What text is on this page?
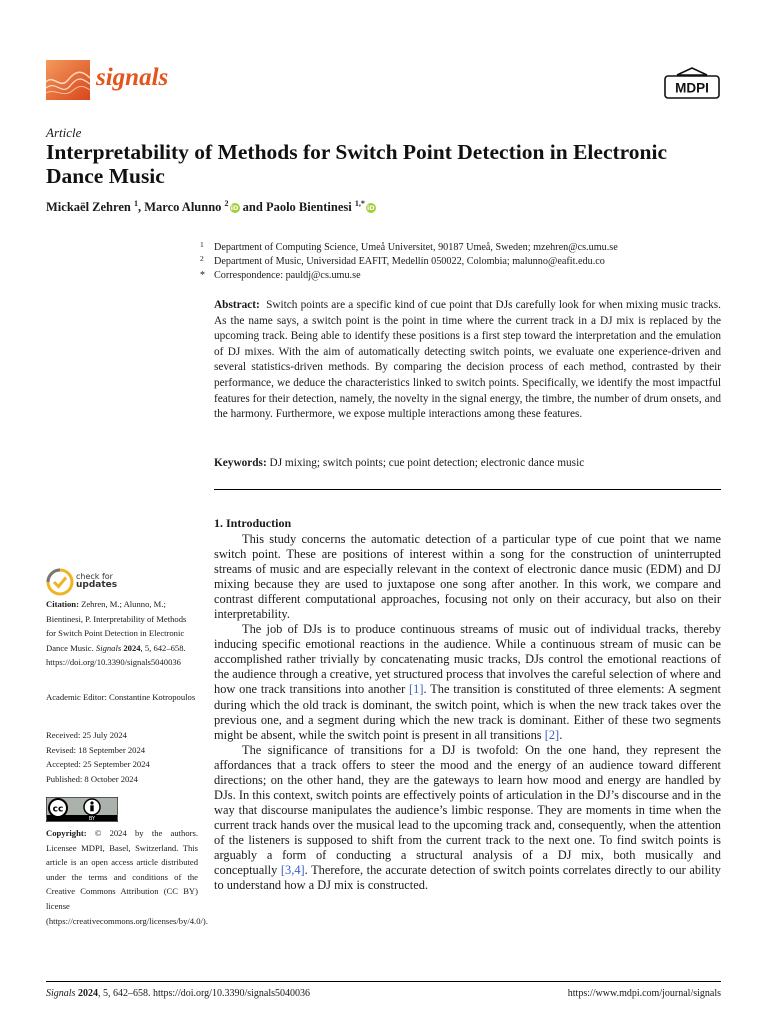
signals	MDPI
Article
Interpretability of Methods for Switch Point Detection in Electronic Dance Music
Mickaël Zehren $^1$, Marco Alunno $^2$ iD and Paolo Bientinesi $^{1,*}$ iD
1 Department of Computing Science, Umeå Universitet, 90187 Umeå, Sweden; mzehren@cs.umu.se
2 Department of Music, Universidad EAFIT, Medellín 050022, Colombia; malunno@eafit.edu.co
* Correspondence: pauldj@cs.umu.se
Abstract: Switch points are a specific kind of cue point that DJs carefully look for when mixing music tracks. As the name says, a switch point is the point in time where the current track in a DJ mix is replaced by the upcoming track. Being able to identify these positions is a first step toward the interpretation and the emulation of DJ mixes. With the aim of automatically detecting switch points, we evaluate one experience-driven and several statistics-driven methods. By comparing the decision process of each method, contrasted by their performance, we deduce the characteristics linked to switch points. Specifically, we identify the most impactful features for their detection, namely, the novelty in the signal energy, the timbre, the number of drum onsets, and the harmony. Furthermore, we expose multiple interactions among these features.
Keywords: DJ mixing; switch points; cue point detection; electronic dance music
1. Introduction

This study concerns the automatic detection of a particular type of cue point that we name switch point. These are positions of interest within a song for the construction of uninterrupted streams of music and are especially relevant in the context of electronic dance music (EDM) and DJ mixing because they are used to juxtapose one song after another. In this work, we compare and contrast different computational approaches, focusing not only on their accuracy, but also on their interpretability.

The job of DJs is to produce continuous streams of music out of individual tracks, thereby inducing specific emotional reactions in the audience. While a continuous stream of music can be accomplished rather trivially by concatenating music tracks, DJs control the emotional reactions of the audience through a creative, yet structured process that involves the careful selection of where and how one track transitions into another [1]. The transition is constituted of three elements: A segment during which the old track is dominant, the switch point, which is when the new track takes over the previous one, and a segment during which the new track is dominant. Either of these two segments might be absent, while the switch point is present in all transitions [2].

The significance of transitions for a DJ is twofold: On the one hand, they represent the affordances that a track offers to steer the mood and the energy of an audience toward different directions; on the other hand, they are the gateways to learn how mood and energy are handled by DJs. In this context, switch points are effectively points of articulation in the DJ’s discourse and in the way that discourse manipulates the audience’s limbic response. They are moments in time when the current track hands over the musical lead to the upcoming track and, consequently, when the attention of the listeners is supposed to shift from the current track to the next one. To find switch points is arguably a form of conducting a structural analysis of a DJ mix, both musically and conceptually [3,4]. Therefore, the accurate detection of switch points correlates directly to our ability to understand how a DJ mix is constructed.

check for
updates
Citation: Zehren, M.; Alunno, M.; Bientinesi, P. Interpretability of Methods for Switch Point Detection in Electronic Dance Music. Signals 2024, 5, 642–658. https://doi.org/10.3390/signals5040036
Academic Editor: Constantine Kotropoulos
Received: 25 July 2024
Revised: 18 September 2024
Accepted: 25 September 2024
Published: 8 October 2024
cc
BY
Copyright: © 2024 by the authors. Licensee MDPI, Basel, Switzerland. This article is an open access article distributed under the terms and conditions of the Creative Commons Attribution (CC BY) license (https://creativecommons.org/licenses/by/4.0/).
Signals 2024, 5, 642–658. https://doi.org/10.3390/signals5040036	https://www.mdpi.com/journal/signals
